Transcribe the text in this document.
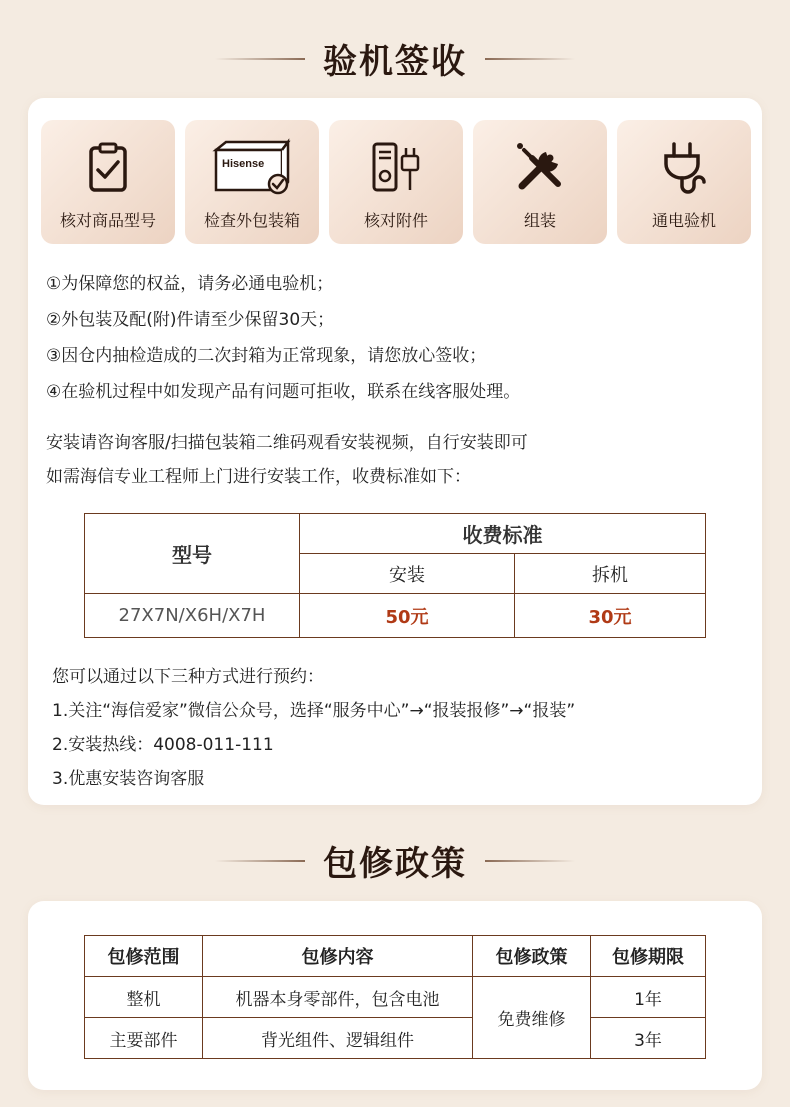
验机签收
核对商品型号
Hisense
检查外包装箱	核对附件	组装	通电验机
①为保障您的权益，请务必通电验机；
②外包装及配(附)件请至少保留30天；
③因仓内抽检造成的二次封箱为正常现象，请您放心签收；
④在验机过程中如发现产品有问题可拒收，联系在线客服处理。
安装请咨询客服/扫描包装箱二维码观看安装视频，自行安装即可
如需海信专业工程师上门进行安装工作，收费标准如下：
型号	收费标准	
	安装	拆机
27X7N/X6H/X7H	50元	30元
您可以通过以下三种方式进行预约：
1.关注“海信爱家”微信公众号，选择“服务中心”→“报装报修”→“报装”
2.安装热线：4008-011-111
3.优惠安装咨询客服
包修政策
包修范围	包修内容	包修政策	包修期限
整机	机器本身零部件，包含电池	免费维修	1年
主要部件	背光组件、逻辑组件		3年
